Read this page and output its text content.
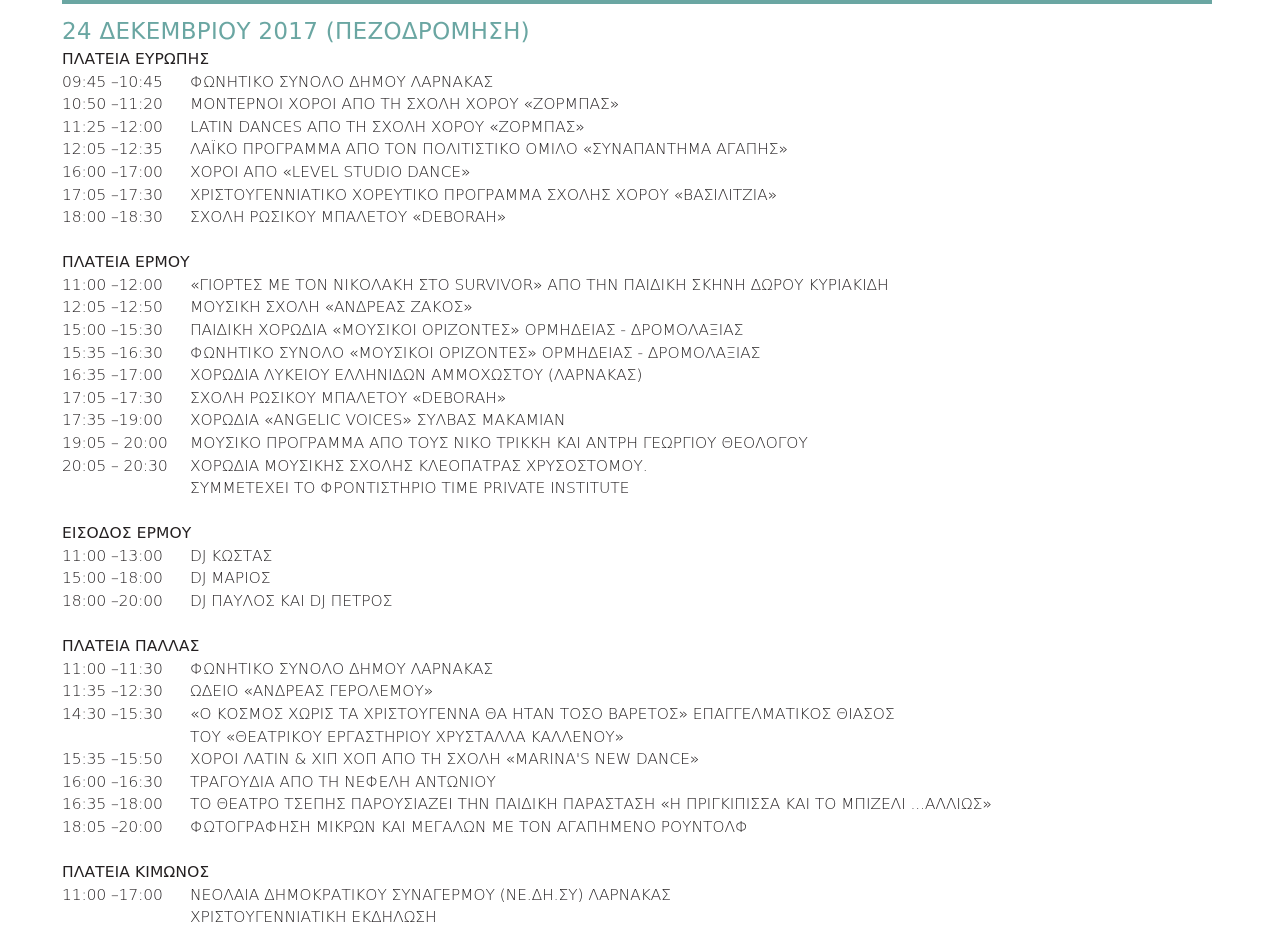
24 ΔΕΚΕΜΒΡΙΟΥ 2017 (ΠΕΖΟΔΡΟΜΗΣΗ)
ΠΛΑΤΕΙΑ ΕΥΡΩΠΗΣ
09:45 –10:45	ΦΩΝΗΤΙΚΟ ΣΥΝΟΛΟ ΔΗΜΟΥ ΛΑΡΝΑΚΑΣ
10:50 –11:20	ΜΟΝΤΕΡΝΟΙ ΧΟΡΟΙ ΑΠΟ ΤΗ ΣΧΟΛΗ ΧΟΡΟΥ «ΖΟΡΜΠΑΣ»
11:25 –12:00	LATIN DANCES ΑΠΟ ΤΗ ΣΧΟΛΗ ΧΟΡΟΥ «ΖΟΡΜΠΑΣ»
12:05 –12:35	ΛΑΪΚΟ ΠΡΟΓΡΑΜΜΑ ΑΠΟ ΤΟΝ ΠΟΛΙΤΙΣΤΙΚΟ ΟΜΙΛΟ «ΣΥΝΑΠΑΝΤΗΜΑ ΑΓΑΠΗΣ»
16:00 –17:00	ΧΟΡΟΙ ΑΠΟ «LEVEL STUDIO DANCE»
17:05 –17:30	ΧΡΙΣΤΟΥΓΕΝΝΙΑΤΙΚΟ ΧΟΡΕΥΤΙΚΟ ΠΡΟΓΡΑΜΜΑ ΣΧΟΛΗΣ ΧΟΡΟΥ «ΒΑΣΙΛΙΤΖΙΑ»
18:00 –18:30	ΣΧΟΛΗ ΡΩΣΙΚΟΥ ΜΠΑΛΕΤΟΥ «DEBORAH»
ΠΛΑΤΕΙΑ ΕΡΜΟΥ
11:00 –12:00	«ΓΙΟΡΤΕΣ ΜΕ ΤΟΝ ΝΙΚΟΛΑΚΗ ΣΤΟ SURVIVOR» ΑΠΟ ΤΗΝ ΠΑΙΔΙΚΗ ΣΚΗΝΗ ΔΩΡΟΥ ΚΥΡΙΑΚΙΔΗ
12:05 –12:50	ΜΟΥΣΙΚΗ ΣΧΟΛΗ «ΑΝΔΡΕΑΣ ΖΑΚΟΣ»
15:00 –15:30	ΠΑΙΔΙΚΗ ΧΟΡΩΔΙΑ «ΜΟΥΣΙΚΟΙ ΟΡΙΖΟΝΤΕΣ» ΟΡΜΗΔΕΙΑΣ - ΔΡΟΜΟΛΑΞΙΑΣ
15:35 –16:30	ΦΩΝΗΤΙΚΟ ΣΥΝΟΛΟ «ΜΟΥΣΙΚΟΙ ΟΡΙΖΟΝΤΕΣ» ΟΡΜΗΔΕΙΑΣ - ΔΡΟΜΟΛΑΞΙΑΣ
16:35 –17:00	ΧΟΡΩΔΙΑ ΛΥΚΕΙΟΥ ΕΛΛΗΝΙΔΩΝ ΑΜΜΟΧΩΣΤΟΥ (ΛΑΡΝΑΚΑΣ)
17:05 –17:30	ΣΧΟΛΗ ΡΩΣΙΚΟΥ ΜΠΑΛΕΤΟΥ «DEBORAH»
17:35 –19:00	ΧΟΡΩΔΙΑ «ANGELIC VOICES» ΣΥΛΒΑΣ ΜΑΚΑΜΙΑΝ
19:05 – 20:00	ΜΟΥΣΙΚΟ ΠΡΟΓΡΑΜΜΑ ΑΠΟ ΤΟΥΣ ΝΙΚΟ ΤΡΙΚΚΗ ΚΑΙ ΑΝΤΡΗ ΓΕΩΡΓΙΟΥ ΘΕΟΛΟΓΟΥ
20:05 – 20:30	ΧΟΡΩΔΙΑ ΜΟΥΣΙΚΗΣ ΣΧΟΛΗΣ ΚΛΕΟΠΑΤΡΑΣ ΧΡΥΣΟΣΤΟΜΟΥ.
ΣΥΜΜΕΤΕΧΕΙ ΤΟ ΦΡΟΝΤΙΣΤΗΡΙΟ TIME PRIVATE INSTITUTE
ΕΙΣΟΔΟΣ ΕΡΜΟΥ
11:00 –13:00	DJ ΚΩΣΤΑΣ
15:00 –18:00	DJ ΜΑΡΙΟΣ
18:00 –20:00	DJ ΠΑΥΛΟΣ ΚΑΙ DJ ΠΕΤΡΟΣ
ΠΛΑΤΕΙΑ ΠΑΛΛΑΣ
11:00 –11:30	ΦΩΝΗΤΙΚΟ ΣΥΝΟΛΟ ΔΗΜΟΥ ΛΑΡΝΑΚΑΣ
11:35 –12:30	ΩΔΕΙΟ «ΑΝΔΡΕΑΣ ΓΕΡΟΛΕΜΟΥ»
14:30 –15:30	«Ο ΚΟΣΜΟΣ ΧΩΡΙΣ ΤΑ ΧΡΙΣΤΟΥΓΕΝΝΑ ΘΑ ΗΤΑΝ ΤΟΣΟ ΒΑΡΕΤΟΣ» ΕΠΑΓΓΕΛΜΑΤΙΚΟΣ ΘΙΑΣΟΣ
ΤΟΥ «ΘΕΑΤΡΙΚΟΥ ΕΡΓΑΣΤΗΡΙΟΥ ΧΡΥΣΤΑΛΛΑ ΚΑΛΛΕΝΟΥ»
15:35 –15:50	ΧΟΡΟΙ ΛΑΤΙΝ & ΧΙΠ ΧΟΠ ΑΠΟ ΤΗ ΣΧΟΛΗ «MARINA'S NEW DANCE»
16:00 –16:30	ΤΡΑΓΟΥΔΙΑ ΑΠΟ ΤΗ ΝΕΦΕΛΗ ΑΝΤΩΝΙΟΥ
16:35 –18:00	ΤΟ ΘΕΑΤΡΟ ΤΣΕΠΗΣ ΠΑΡΟΥΣΙΑΖΕΙ ΤΗΝ ΠΑΙΔΙΚΗ ΠΑΡΑΣΤΑΣΗ «Η ΠΡΙΓΚΙΠΙΣΣΑ ΚΑΙ ΤΟ ΜΠΙΖΕΛΙ ...ΑΛΛΙΩΣ»
18:05 –20:00	ΦΩΤΟΓΡΑΦΗΣΗ ΜΙΚΡΩΝ ΚΑΙ ΜΕΓΑΛΩΝ ΜΕ ΤΟΝ ΑΓΑΠΗΜΕΝΟ ΡΟΥΝΤΟΛΦ
ΠΛΑΤΕΙΑ ΚΙΜΩΝΟΣ
11:00 –17:00	ΝΕΟΛΑΙΑ ΔΗΜΟΚΡΑΤΙΚΟΥ ΣΥΝΑΓΕΡΜΟΥ (ΝΕ.ΔΗ.ΣΥ) ΛΑΡΝΑΚΑΣ
ΧΡΙΣΤΟΥΓΕΝΝΙΑΤΙΚΗ ΕΚΔΗΛΩΣΗ
